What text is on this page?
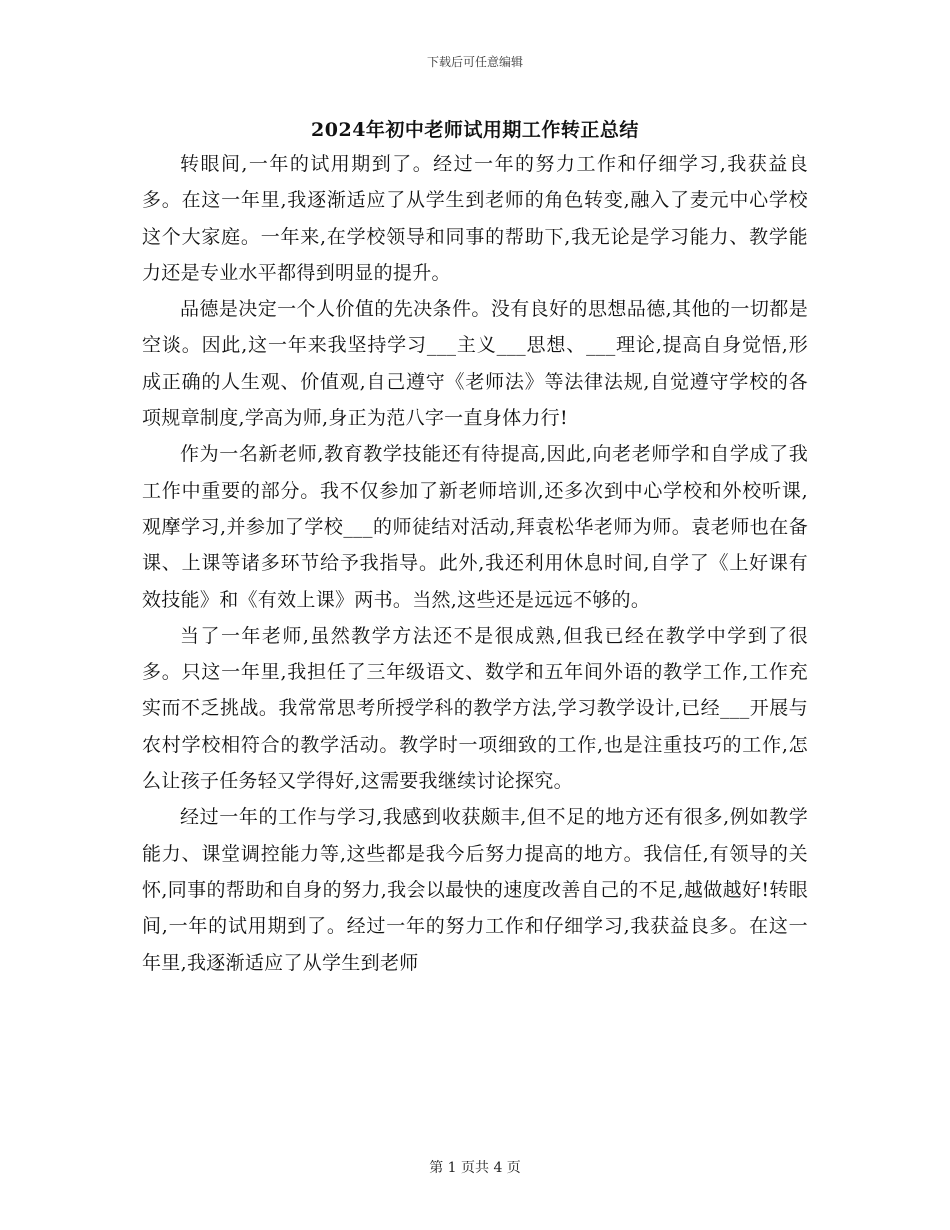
下载后可任意编辑
2024年初中老师试用期工作转正总结

转眼间,一年的试用期到了。经过一年的努力工作和仔细学习,我获益良多。在这一年里,我逐渐适应了从学生到老师的角色转变,融入了麦元中心学校这个大家庭。一年来,在学校领导和同事的帮助下,我无论是学习能力、教学能力还是专业水平都得到明显的提升。

品德是决定一个人价值的先决条件。没有良好的思想品德,其他的一切都是空谈。因此,这一年来我坚持学习___主义___思想、___理论,提高自身觉悟,形成正确的人生观、价值观,自己遵守《老师法》等法律法规,自觉遵守学校的各项规章制度,学高为师,身正为范八字一直身体力行!

作为一名新老师,教育教学技能还有待提高,因此,向老老师学和自学成了我工作中重要的部分。我不仅参加了新老师培训,还多次到中心学校和外校听课,观摩学习,并参加了学校___的师徒结对活动,拜袁松华老师为师。袁老师也在备课、上课等诸多环节给予我指导。此外,我还利用休息时间,自学了《上好课有效技能》和《有效上课》两书。当然,这些还是远远不够的。

当了一年老师,虽然教学方法还不是很成熟,但我已经在教学中学到了很多。只这一年里,我担任了三年级语文、数学和五年间外语的教学工作,工作充实而不乏挑战。我常常思考所授学科的教学方法,学习教学设计,已经___开展与农村学校相符合的教学活动。教学时一项细致的工作,也是注重技巧的工作,怎么让孩子任务轻又学得好,这需要我继续讨论探究。

经过一年的工作与学习,我感到收获颇丰,但不足的地方还有很多,例如教学能力、课堂调控能力等,这些都是我今后努力提高的地方。我信任,有领导的关怀,同事的帮助和自身的努力,我会以最快的速度改善自己的不足,越做越好!转眼间,一年的试用期到了。经过一年的努力工作和仔细学习,我获益良多。在这一年里,我逐渐适应了从学生到老师

第 1 页共 4 页
